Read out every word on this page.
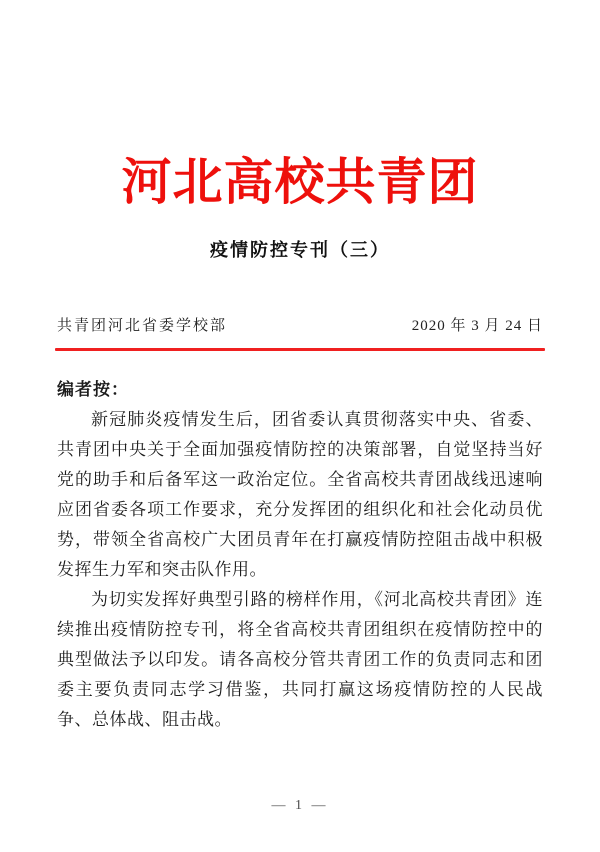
河北高校共青团
疫情防控专刊（三）
共青团河北省委学校部	2020 年 3 月 24 日
编者按：

新冠肺炎疫情发生后，团省委认真贯彻落实中央、省委、共青团中央关于全面加强疫情防控的决策部署，自觉坚持当好党的助手和后备军这一政治定位。全省高校共青团战线迅速响应团省委各项工作要求，充分发挥团的组织化和社会化动员优势，带领全省高校广大团员青年在打赢疫情防控阻击战中积极发挥生力军和突击队作用。

为切实发挥好典型引路的榜样作用，《河北高校共青团》连续推出疫情防控专刊，将全省高校共青团组织在疫情防控中的典型做法予以印发。请各高校分管共青团工作的负责同志和团委主要负责同志学习借鉴，共同打赢这场疫情防控的人民战争、总体战、阻击战。

— 1 —
